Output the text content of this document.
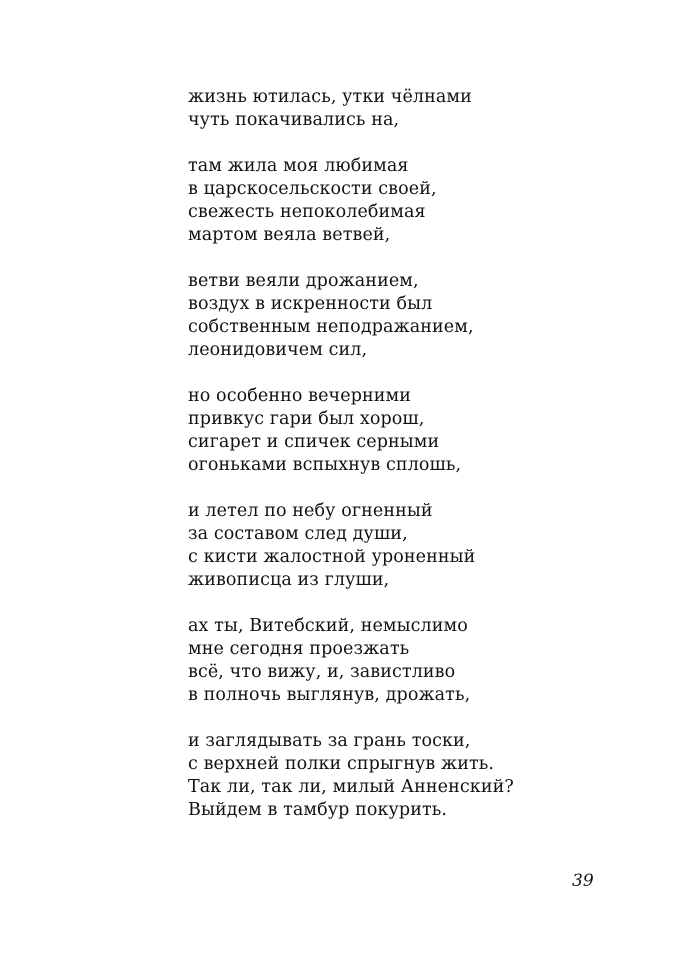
жизнь ютилась, утки чёлнами
чуть покачивались на,
там жила моя любимая
в царскосельскости своей,
свежесть непоколебимая
мартом веяла ветвей,
ветви веяли дрожанием,
воздух в искренности был
собственным неподражанием,
леонидовичем сил,
но особенно вечерними
привкус гари был хорош,
сигарет и спичек серными
огоньками вспыхнув сплошь,
и летел по небу огненный
за составом след души,
с кисти жалостной уроненный
живописца из глуши,
ах ты, Витебский, немыслимо
мне сегодня проезжать
всё, что вижу, и, завистливо
в полночь выглянув, дрожать,
и заглядывать за грань тоски,
с верхней полки спрыгнув жить.
Так ли, так ли, милый Анненский?
Выйдем в тамбур покурить.
39
